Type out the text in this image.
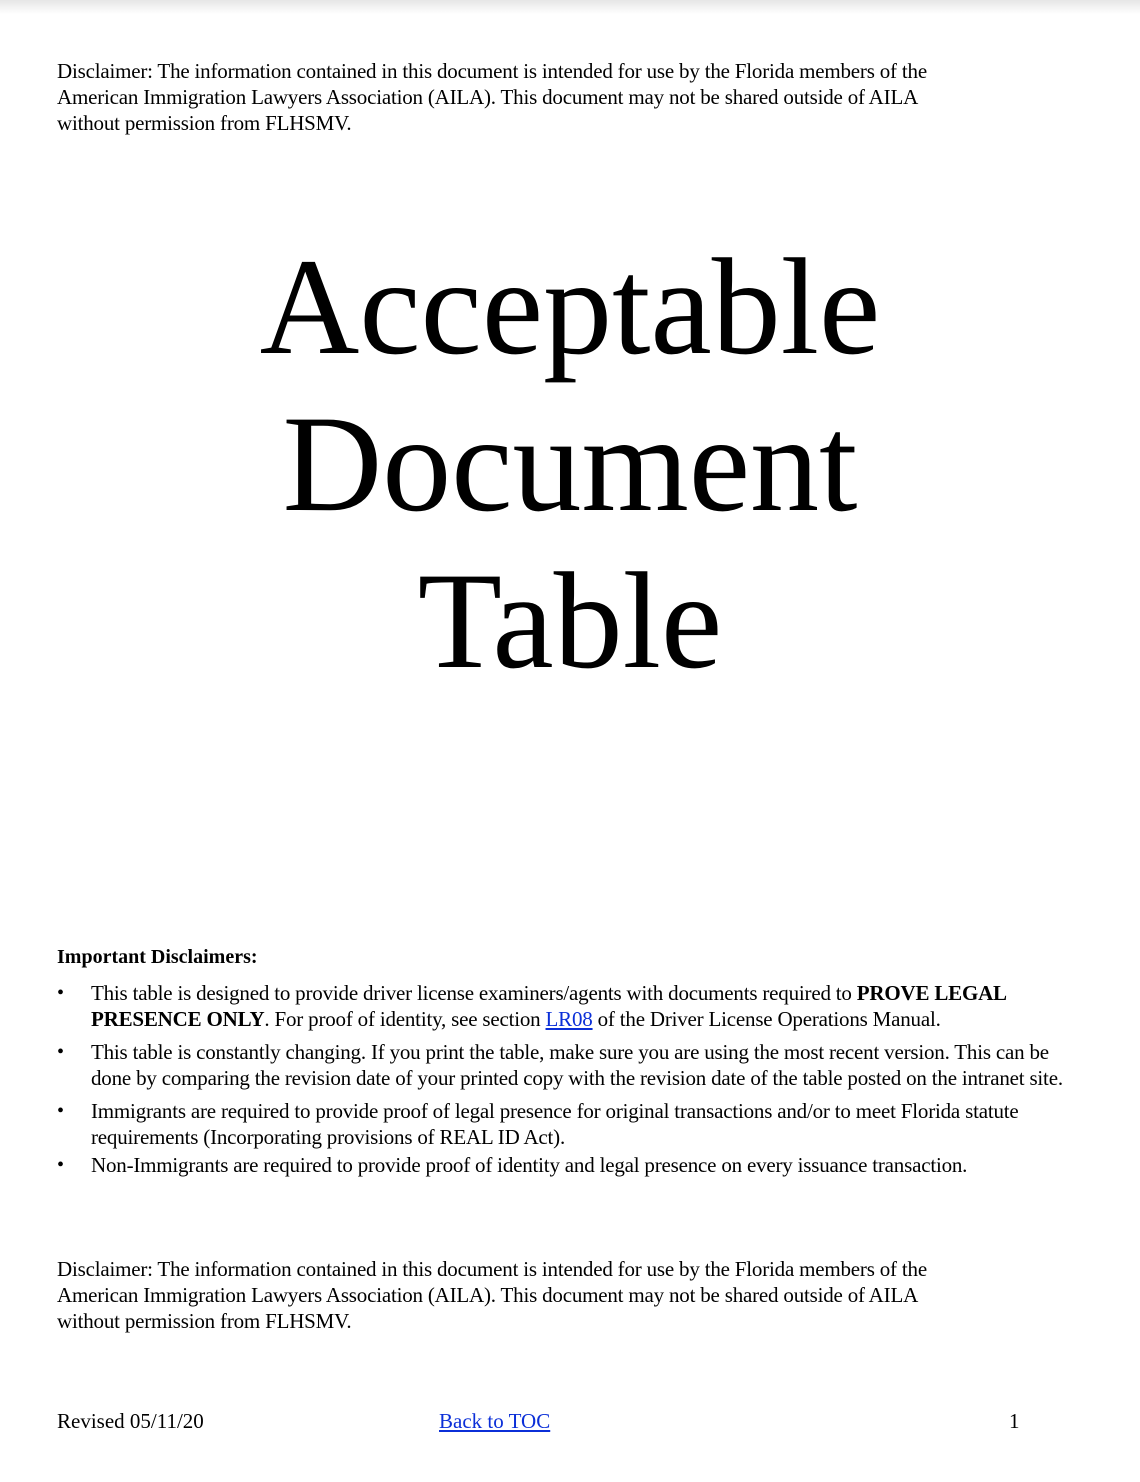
Disclaimer: The information contained in this document is intended for use by the Florida members of the
American Immigration Lawyers Association (AILA). This document may not be shared outside of AILA
without permission from FLHSMV.
Acceptable
Document
Table
Important Disclaimers:
• This table is designed to provide driver license examiners/agents with documents required to PROVE LEGAL PRESENCE ONLY. For proof of identity, see section LR08 of the Driver License Operations Manual.
• This table is constantly changing. If you print the table, make sure you are using the most recent version. This can be done by comparing the revision date of your printed copy with the revision date of the table posted on the intranet site.
• Immigrants are required to provide proof of legal presence for original transactions and/or to meet Florida statute requirements (Incorporating provisions of REAL ID Act).
• Non-Immigrants are required to provide proof of identity and legal presence on every issuance transaction.
Disclaimer: The information contained in this document is intended for use by the Florida members of the
American Immigration Lawyers Association (AILA). This document may not be shared outside of AILA
without permission from FLHSMV.
Revised 05/11/20	Back to TOC	1
